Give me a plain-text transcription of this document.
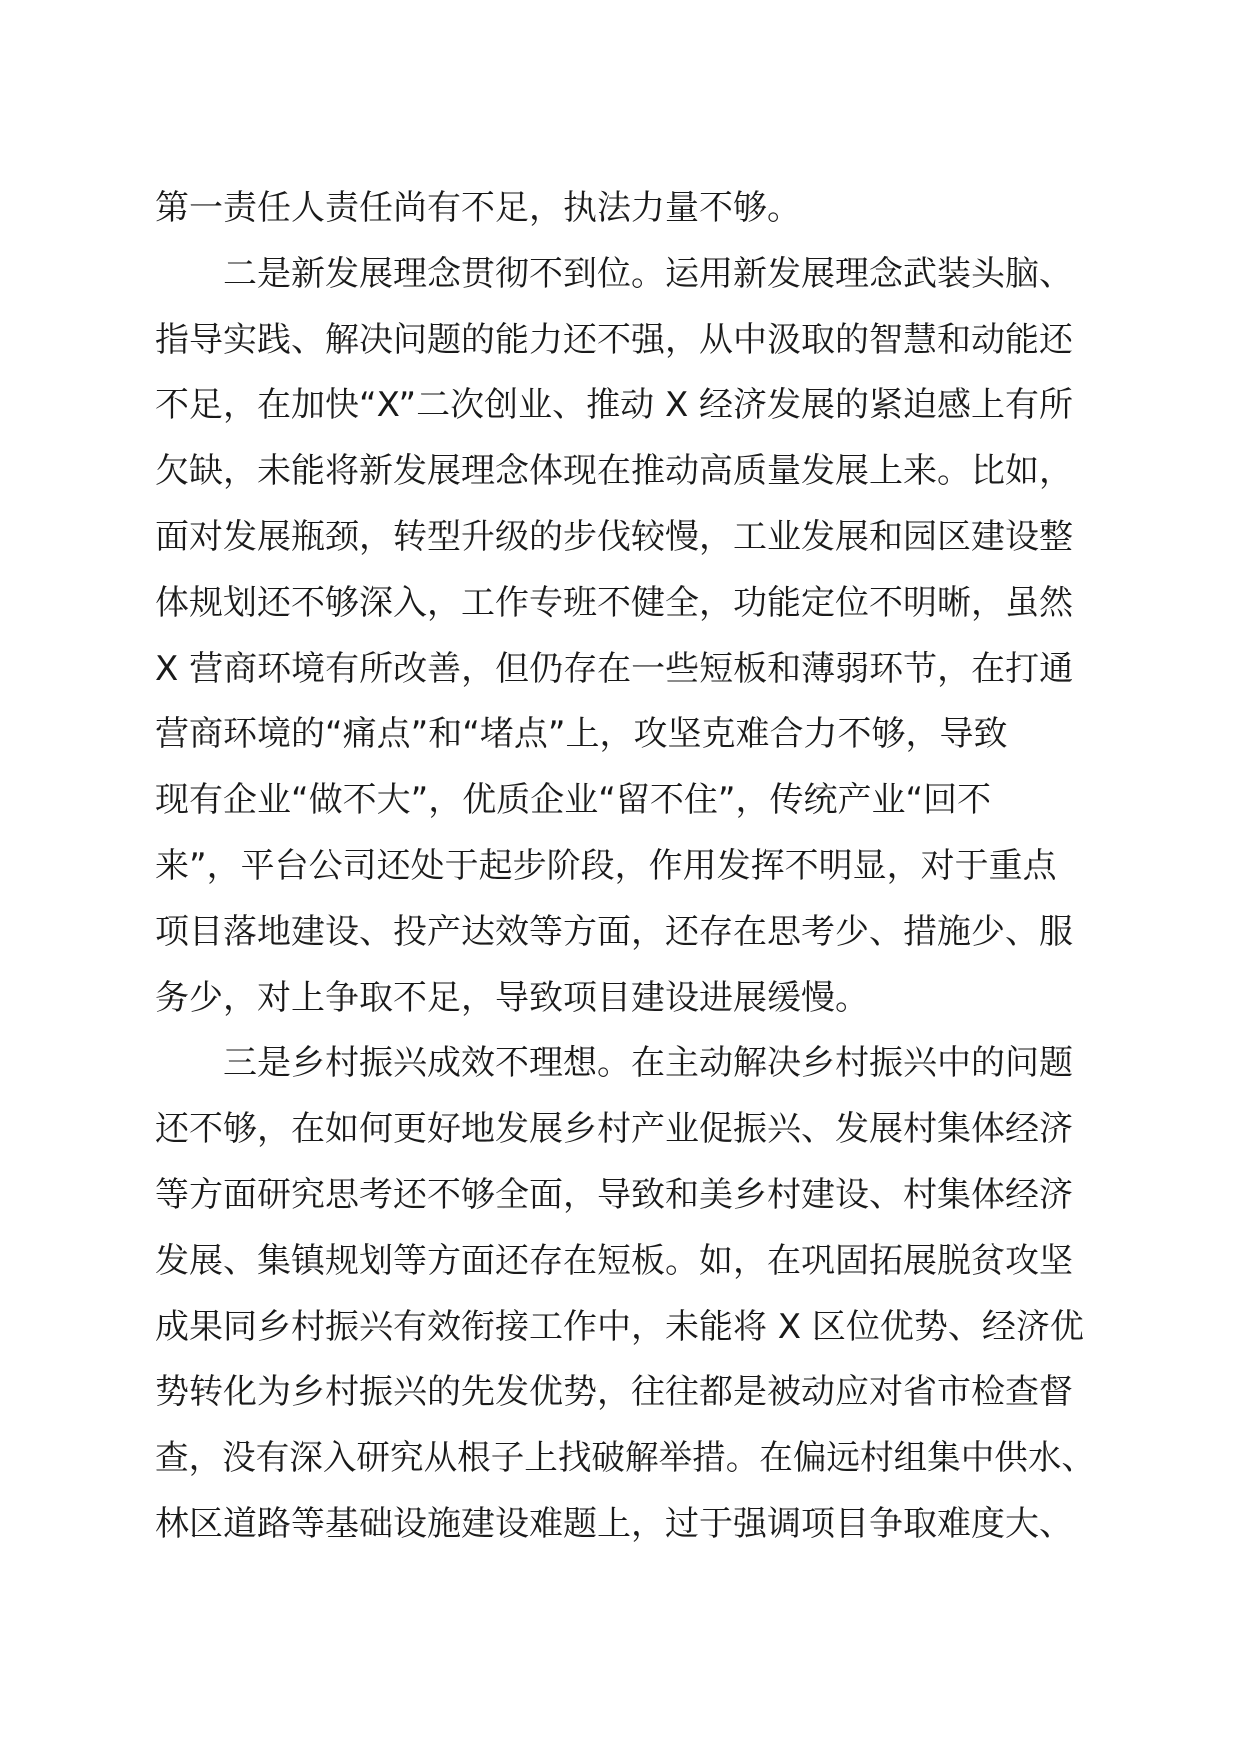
第一责任人责任尚有不足，执法力量不够。
二是新发展理念贯彻不到位。运用新发展理念武装头脑、
指导实践、解决问题的能力还不强，从中汲取的智慧和动能还
不足，在加快“X”二次创业、推动 X 经济发展的紧迫感上有所
欠缺，未能将新发展理念体现在推动高质量发展上来。比如，
面对发展瓶颈，转型升级的步伐较慢，工业发展和园区建设整
体规划还不够深入，工作专班不健全，功能定位不明晰，虽然
X 营商环境有所改善，但仍存在一些短板和薄弱环节，在打通
营商环境的“痛点”和“堵点”上，攻坚克难合力不够，导致
现有企业“做不大”，优质企业“留不住”，传统产业“回不
来”，平台公司还处于起步阶段，作用发挥不明显，对于重点
项目落地建设、投产达效等方面，还存在思考少、措施少、服
务少，对上争取不足，导致项目建设进展缓慢。
三是乡村振兴成效不理想。在主动解决乡村振兴中的问题
还不够，在如何更好地发展乡村产业促振兴、发展村集体经济
等方面研究思考还不够全面，导致和美乡村建设、村集体经济
发展、集镇规划等方面还存在短板。如，在巩固拓展脱贫攻坚
成果同乡村振兴有效衔接工作中，未能将 X 区位优势、经济优
势转化为乡村振兴的先发优势，往往都是被动应对省市检查督
查，没有深入研究从根子上找破解举措。在偏远村组集中供水、
林区道路等基础设施建设难题上，过于强调项目争取难度大、
